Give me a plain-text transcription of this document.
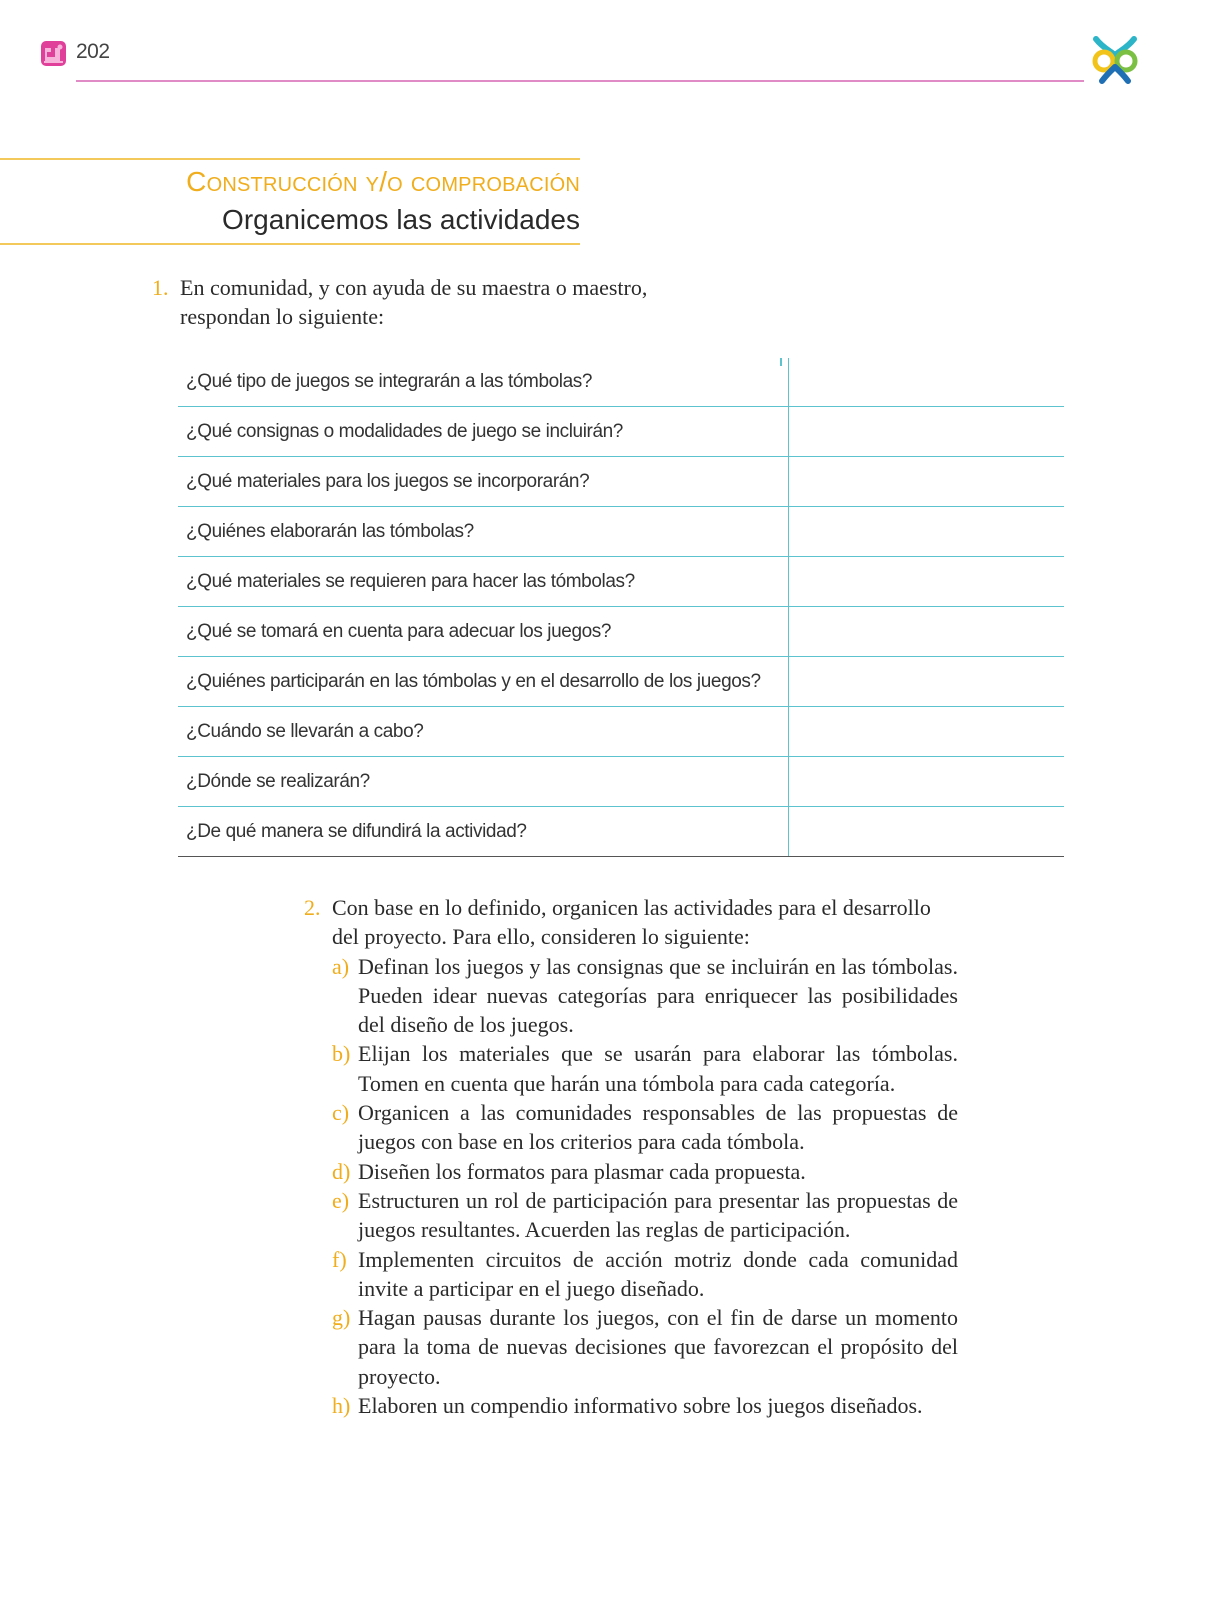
202
Construcción y/o comprobación
Organicemos las actividades
1. En comunidad, y con ayuda de su maestra o maestro, respondan lo siguiente:
¿Qué tipo de juegos se integrarán a las tómbolas?	
¿Qué consignas o modalidades de juego se incluirán?	
¿Qué materiales para los juegos se incorporarán?	
¿Quiénes elaborarán las tómbolas?	
¿Qué materiales se requieren para hacer las tómbolas?	
¿Qué se tomará en cuenta para adecuar los juegos?	
¿Quiénes participarán en las tómbolas y en el desarrollo de los juegos?	
¿Cuándo se llevarán a cabo?	
¿Dónde se realizarán?	
¿De qué manera se difundirá la actividad?	
2. Con base en lo definido, organicen las actividades para el desarrollo del proyecto. Para ello, consideren lo siguiente:
a) Definan los juegos y las consignas que se incluirán en las tómbolas. Pueden idear nuevas categorías para enriquecer las posibilidades del diseño de los juegos.
b) Elijan los materiales que se usarán para elaborar las tómbolas. Tomen en cuenta que harán una tómbola para cada categoría.
c) Organicen a las comunidades responsables de las propuestas de juegos con base en los criterios para cada tómbola.
d) Diseñen los formatos para plasmar cada propuesta.
e) Estructuren un rol de participación para presentar las propuestas de juegos resultantes. Acuerden las reglas de participación.
f) Implementen circuitos de acción motriz donde cada comunidad invite a participar en el juego diseñado.
g) Hagan pausas durante los juegos, con el fin de darse un momento para la toma de nuevas decisiones que favorezcan el propósito del proyecto.
h) Elaboren un compendio informativo sobre los juegos diseñados.
